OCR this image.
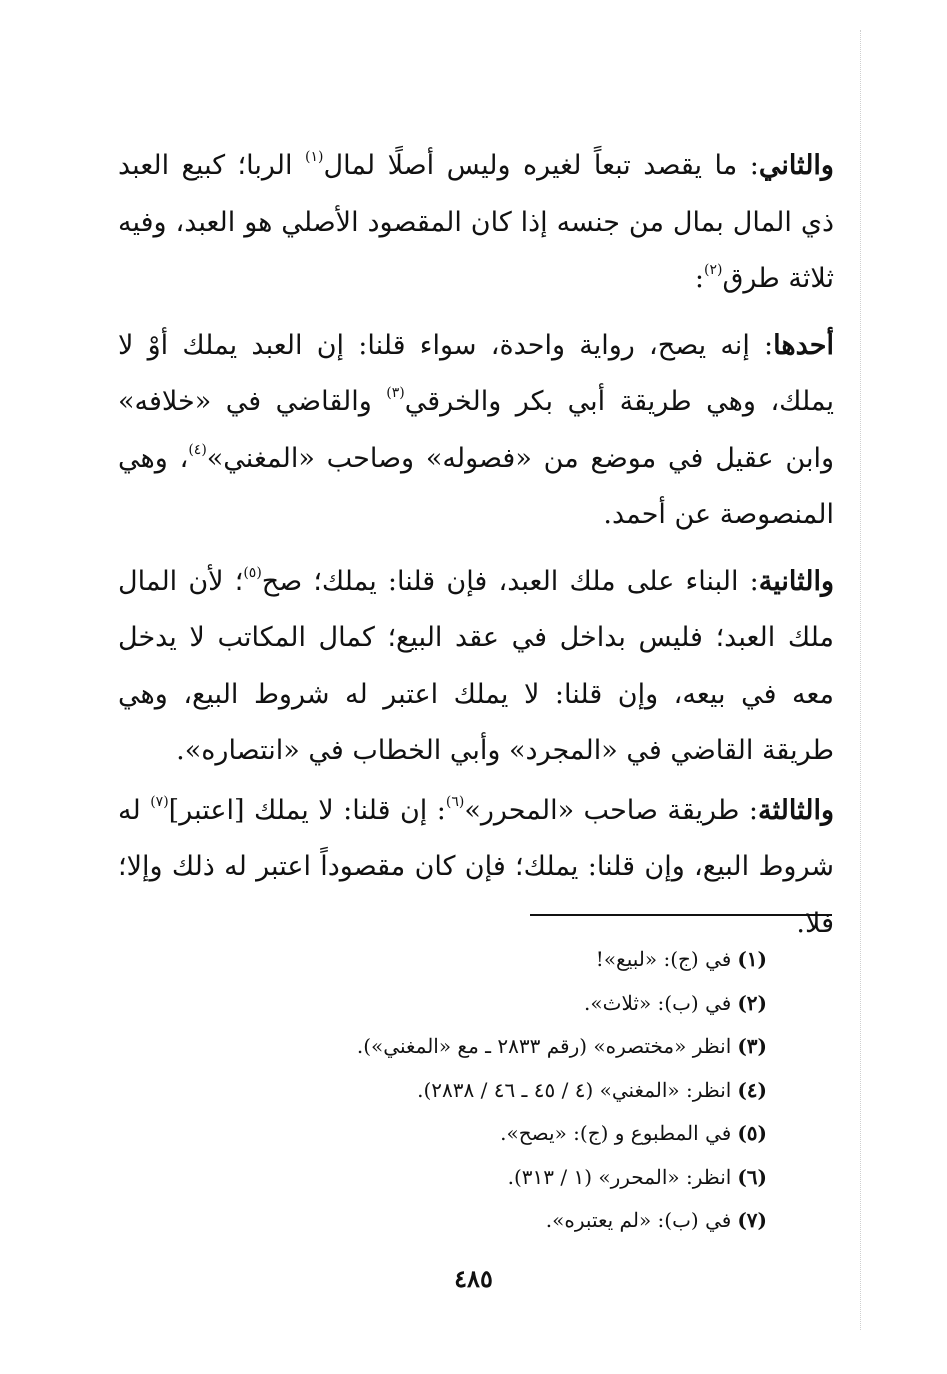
والثاني: ما يقصد تبعاً لغيره وليس أصلًا لمال$^{(١)}$ الربا؛ كبيع العبد ذي المال بمال من جنسه إذا كان المقصود الأصلي هو العبد، وفيه ثلاثة طرق$^{(٢)}$:

أحدها: إنه يصح، رواية واحدة، سواء قلنا: إن العبد يملك أوْ لا يملك، وهي طريقة أبي بكر والخرقي$^{(٣)}$ والقاضي في «خلافه» وابن عقيل في موضع من «فصوله» وصاحب «المغني»$^{(٤)}$، وهي المنصوصة عن أحمد.

والثانية: البناء على ملك العبد، فإن قلنا: يملك؛ صح$^{(٥)}$؛ لأن المال ملك العبد؛ فليس بداخل في عقد البيع؛ كمال المكاتب لا يدخل معه في بيعه، وإن قلنا: لا يملك اعتبر له شروط البيع، وهي طريقة القاضي في «المجرد» وأبي الخطاب في «انتصاره».

والثالثة: طريقة صاحب «المحرر»$^{(٦)}$: إن قلنا: لا يملك [اعتبر]$^{(٧)}$ له شروط البيع، وإن قلنا: يملك؛ فإن كان مقصوداً اعتبر له ذلك وإلا؛ فلا.

(١)في (ج): «لبيع»!
(٢)في (ب): «ثلاث».
(٣)انظر «مختصره» (رقم ٢٨٣٣ ـ مع «المغني»).
(٤)انظر: «المغني» (٤ / ٤٥ ـ ٤٦ / ٢٨٣٨).
(٥)في المطبوع و (ج): «يصح».
(٦)انظر: «المحرر» (١ / ٣١٣).
(٧)في (ب): «لم يعتبره».
٤٨٥
